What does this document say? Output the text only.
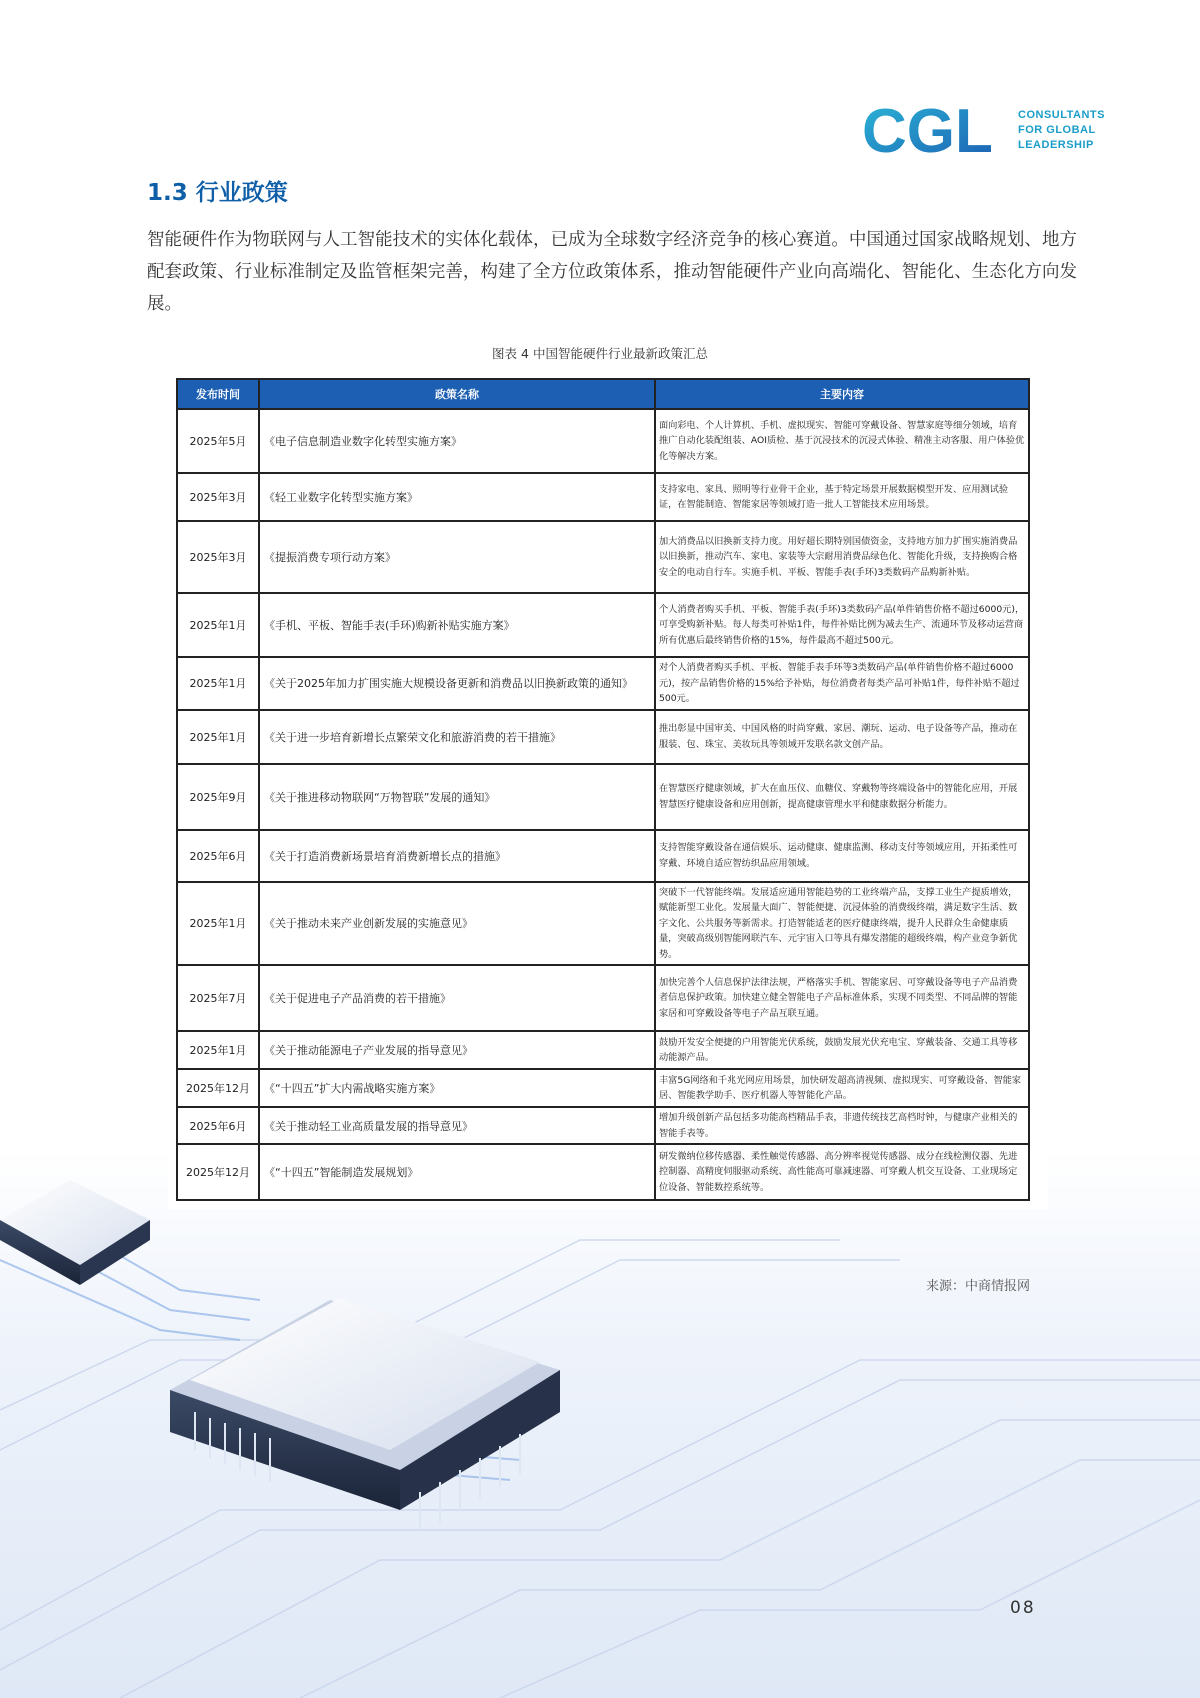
CGL CONSULTANTS
FOR GLOBAL
LEADERSHIP
1.3 行业政策
智能硬件作为物联网与人工智能技术的实体化载体，已成为全球数字经济竞争的核心赛道。中国通过国家战略规划、地方配套政策、行业标准制定及监管框架完善，构建了全方位政策体系，推动智能硬件产业向高端化、智能化、生态化方向发展。
图表 4 中国智能硬件行业最新政策汇总
发布时间	政策名称	主要内容
2025年5月	《电子信息制造业数字化转型实施方案》	面向彩电、个人计算机、手机、虚拟现实、智能可穿戴设备、智慧家庭等细分领域，培育推广自动化装配组装、AOI质检、基于沉浸技术的沉浸式体验、精准主动客服、用户体验优化等解决方案。
2025年3月	《轻工业数字化转型实施方案》	支持家电、家具、照明等行业骨干企业，基于特定场景开展数据模型开发、应用测试验证，在智能制造、智能家居等领域打造一批人工智能技术应用场景。
2025年3月	《提振消费专项行动方案》	加大消费品以旧换新支持力度。用好超长期特别国债资金，支持地方加力扩围实施消费品以旧换新，推动汽车、家电、家装等大宗耐用消费品绿色化、智能化升级，支持换购合格安全的电动自行车。实施手机、平板、智能手表(手环)3类数码产品购新补贴。
2025年1月	《手机、平板、智能手表(手环)购新补贴实施方案》	个人消费者购买手机、平板、智能手表(手环)3类数码产品(单件销售价格不超过6000元)，可享受购新补贴。每人每类可补贴1件，每件补贴比例为减去生产、流通环节及移动运营商所有优惠后最终销售价格的15%，每件最高不超过500元。
2025年1月	《关于2025年加力扩围实施大规模设备更新和消费品以旧换新政策的通知》	对个人消费者购买手机、平板、智能手表手环等3类数码产品(单件销售价格不超过6000元)，按产品销售价格的15%给予补贴，每位消费者每类产品可补贴1件，每件补贴不超过500元。
2025年1月	《关于进一步培育新增长点繁荣文化和旅游消费的若干措施》	推出彰显中国审美、中国风格的时尚穿戴、家居、潮玩、运动、电子设备等产品，推动在服装、包、珠宝、美妆玩具等领域开发联名款文创产品。
2025年9月	《关于推进移动物联网“万物智联”发展的通知》	在智慧医疗健康领域，扩大在血压仪、血糖仪、穿戴物等终端设备中的智能化应用，开展智慧医疗健康设备和应用创新，提高健康管理水平和健康数据分析能力。
2025年6月	《关于打造消费新场景培育消费新增长点的措施》	支持智能穿戴设备在通信娱乐、运动健康、健康监测、移动支付等领域应用，开拓柔性可穿戴、环境自适应智纺织品应用领域。
2025年1月	《关于推动未来产业创新发展的实施意见》	突破下一代智能终端。发展适应通用智能趋势的工业终端产品，支撑工业生产提质增效，赋能新型工业化。发展量大面广、智能便捷、沉浸体验的消费级终端，满足数字生活、数字文化、公共服务等新需求。打造智能适老的医疗健康终端，提升人民群众生命健康质量，突破高级别智能网联汽车、元宇宙入口等具有爆发潜能的超级终端，构产业竞争新优势。
2025年7月	《关于促进电子产品消费的若干措施》	加快完善个人信息保护法律法规，严格落实手机、智能家居、可穿戴设备等电子产品消费者信息保护政策。加快建立健全智能电子产品标准体系，实现不同类型、不同品牌的智能家居和可穿戴设备等电子产品互联互通。
2025年1月	《关于推动能源电子产业发展的指导意见》	鼓励开发安全便捷的户用智能光伏系统，鼓励发展光伏充电宝、穿戴装备、交通工具等移动能源产品。
2025年12月	《“十四五”扩大内需战略实施方案》	丰富5G网络和千兆光网应用场景，加快研发超高清视频、虚拟现实、可穿戴设备、智能家居、智能教学助手、医疗机器人等智能化产品。
2025年6月	《关于推动轻工业高质量发展的指导意见》	增加升级创新产品包括多功能高档精品手表，非遗传统技艺高档时钟，与健康产业相关的智能手表等。
2025年12月	《“十四五”智能制造发展规划》	研发微纳位移传感器、柔性触觉传感器、高分辨率视觉传感器、成分在线检测仪器、先进控制器、高精度伺服驱动系统、高性能高可靠减速器、可穿戴人机交互设备、工业现场定位设备、智能数控系统等。
来源：中商情报网
08
